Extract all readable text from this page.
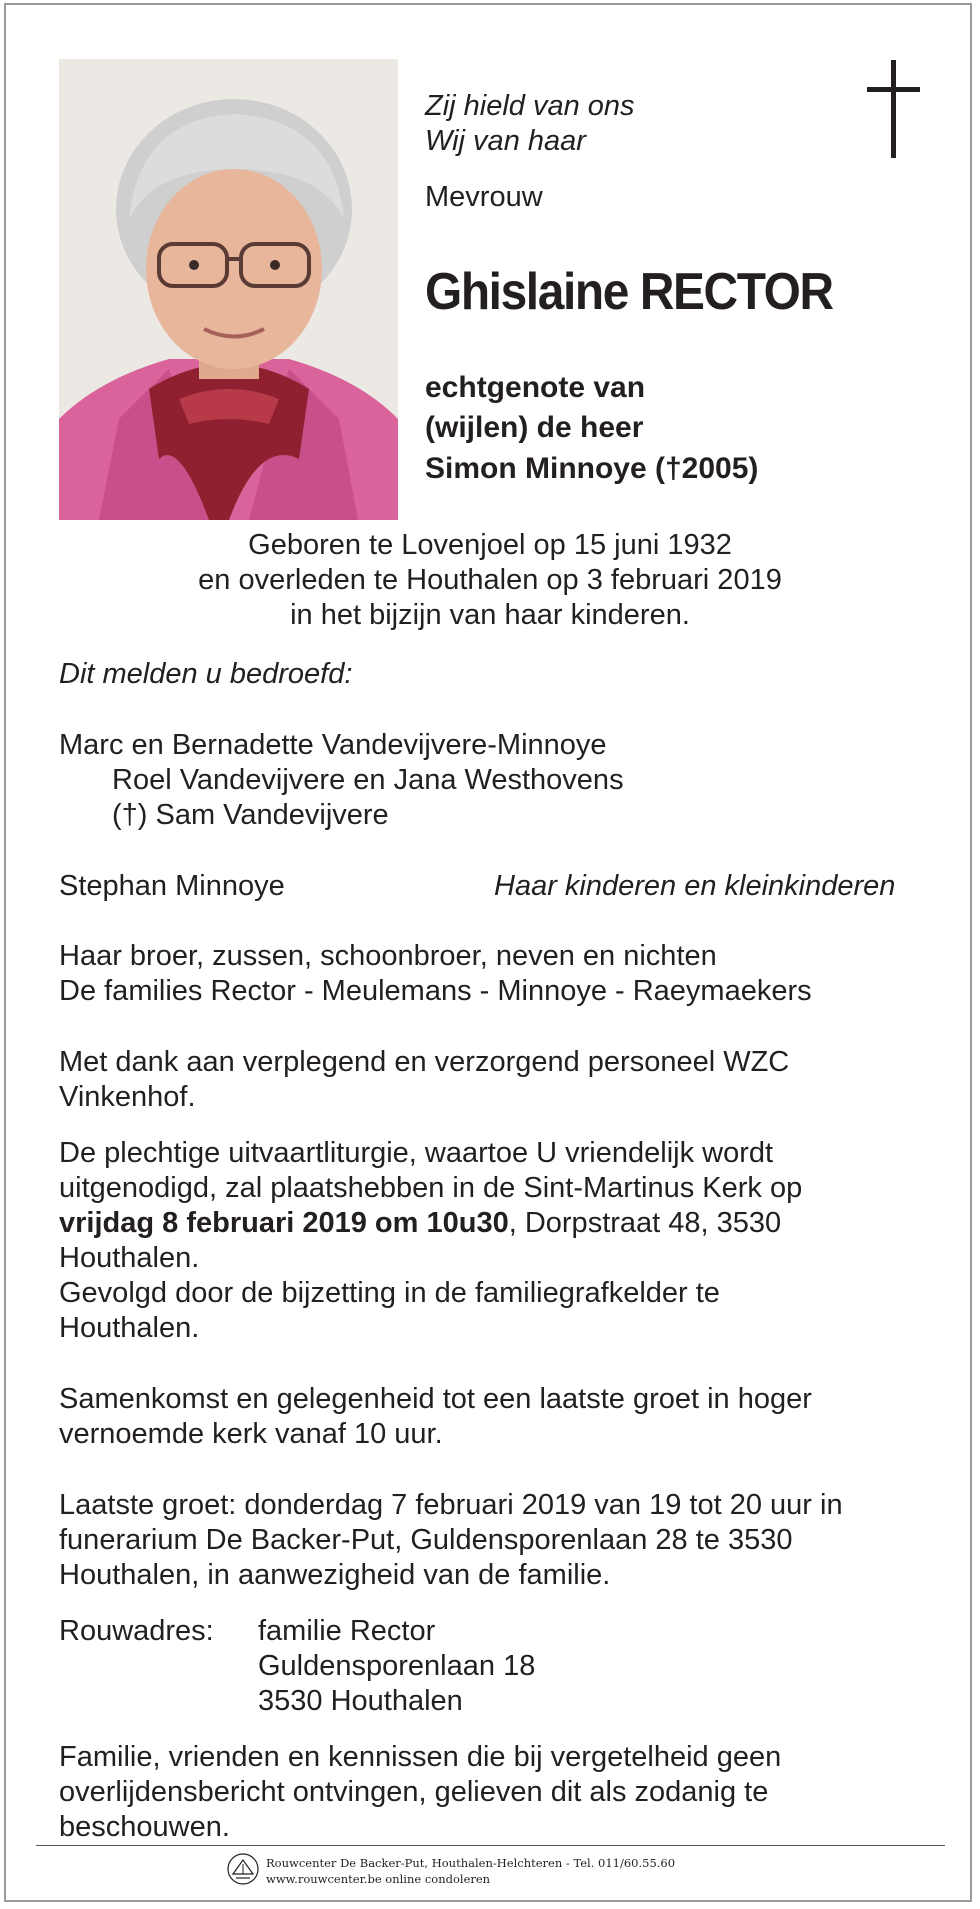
Zij hield van ons
Wij van haar
Mevrouw
Ghislaine RECTOR
echtgenote van
(wijlen) de heer
Simon Minnoye (†2005)
Geboren te Lovenjoel op 15 juni 1932
en overleden te Houthalen op 3 februari 2019
in het bijzijn van haar kinderen.
Dit melden u bedroefd:
Marc en Bernadette Vandevijvere-Minnoye
Roel Vandevijvere en Jana Westhovens
(†) Sam Vandevijvere
Stephan Minnoye	Haar kinderen en kleinkinderen
Haar broer, zussen, schoonbroer, neven en nichten
De families Rector - Meulemans - Minnoye - Raeymaekers
Met dank aan verplegend en verzorgend personeel WZC
Vinkenhof.
De plechtige uitvaartliturgie, waartoe U vriendelijk wordt
uitgenodigd, zal plaatshebben in de Sint-Martinus Kerk op
vrijdag 8 februari 2019 om 10u30, Dorpstraat 48, 3530
Houthalen.
Gevolgd door de bijzetting in de familiegrafkelder te
Houthalen.
Samenkomst en gelegenheid tot een laatste groet in hoger
vernoemde kerk vanaf 10 uur.
Laatste groet: donderdag 7 februari 2019 van 19 tot 20 uur in
funerarium De Backer-Put, Guldensporenlaan 28 te 3530
Houthalen, in aanwezigheid van de familie.
Rouwadres: familie Rector
Guldensporenlaan 18
3530 Houthalen
Familie, vrienden en kennissen die bij vergetelheid geen
overlijdensbericht ontvingen, gelieven dit als zodanig te
beschouwen.
Rouwcenter De Backer-Put, Houthalen-Helchteren - Tel. 011/60.55.60
www.rouwcenter.be online condoleren
